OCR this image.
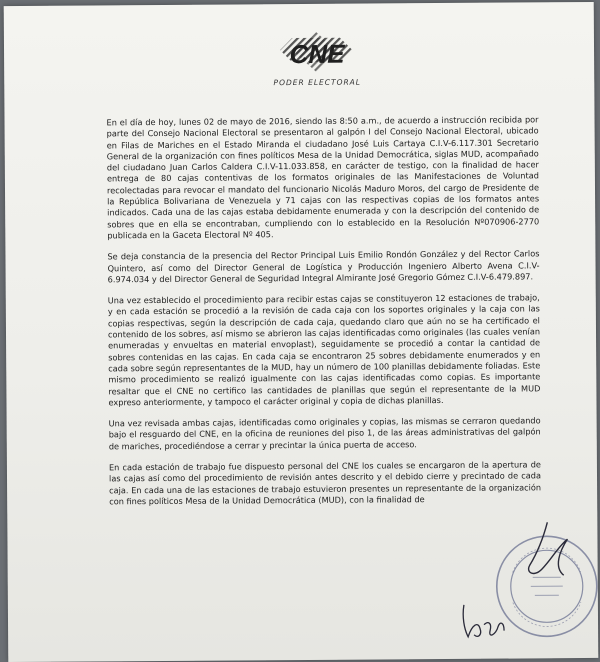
CNE
PODER ELECTORAL

En el día de hoy, lunes 02 de mayo de 2016, siendo las 8:50 a.m., de acuerdo a instrucción recibida por parte del Consejo Nacional Electoral se presentaron al galpón I del Consejo Nacional Electoral, ubicado en Filas de Mariches en el Estado Miranda el ciudadano José Luis Cartaya C.I.V-6.117.301 Secretario General de la organización con fines políticos Mesa de la Unidad Democrática, siglas MUD, acompañado del ciudadano Juan Carlos Caldera C.I.V-11.033.858, en carácter de testigo, con la finalidad de hacer entrega de 80 cajas contentivas de los formatos originales de las Manifestaciones de Voluntad recolectadas para revocar el mandato del funcionario Nicolás Maduro Moros, del cargo de Presidente de la República Bolivariana de Venezuela y 71 cajas con las respectivas copias de los formatos antes indicados. Cada una de las cajas estaba debidamente enumerada y con la descripción del contenido de sobres que en ella se encontraban, cumpliendo con lo establecido en la Resolución Nº070906-2770 publicada en la Gaceta Electoral Nº 405.

Se deja constancia de la presencia del Rector Principal Luis Emilio Rondón González y del Rector Carlos Quintero, así como del Director General de Logística y Producción Ingeniero Alberto Avena C.I.V- 6.974.034 y del Director General de Seguridad Integral Almirante José Gregorio Gómez C.I.V-6.479.897.

Una vez establecido el procedimiento para recibir estas cajas se constituyeron 12 estaciones de trabajo, y en cada estación se procedió a la revisión de cada caja con los soportes originales y la caja con las copias respectivas, según la descripción de cada caja, quedando claro que aún no se ha certificado el contenido de los sobres, así mismo se abrieron las cajas identificadas como originales (las cuales venían enumeradas y envueltas en material envoplast), seguidamente se procedió a contar la cantidad de sobres contenidas en las cajas. En cada caja se encontraron 25 sobres debidamente enumerados y en cada sobre según representantes de la MUD, hay un número de 100 planillas debidamente foliadas. Este mismo procedimiento se realizó igualmente con las cajas identificadas como copias. Es importante resaltar que el CNE no certifico las cantidades de planillas que según el representante de la MUD expreso anteriormente, y tampoco el carácter original y copia de dichas planillas.

Una vez revisada ambas cajas, identificadas como originales y copias, las mismas se cerraron quedando bajo el resguardo del CNE, en la oficina de reuniones del piso 1, de las áreas administrativas del galpón de mariches, procediéndose a cerrar y precintar la única puerta de acceso.

En cada estación de trabajo fue dispuesto personal del CNE los cuales se encargaron de la apertura de las cajas así como del procedimiento de revisión antes descrito y el debido cierre y precintado de cada caja. En cada una de las estaciones de trabajo estuvieron presentes un representante de la organización con fines políticos Mesa de la Unidad Democrática (MUD), con la finalidad de
